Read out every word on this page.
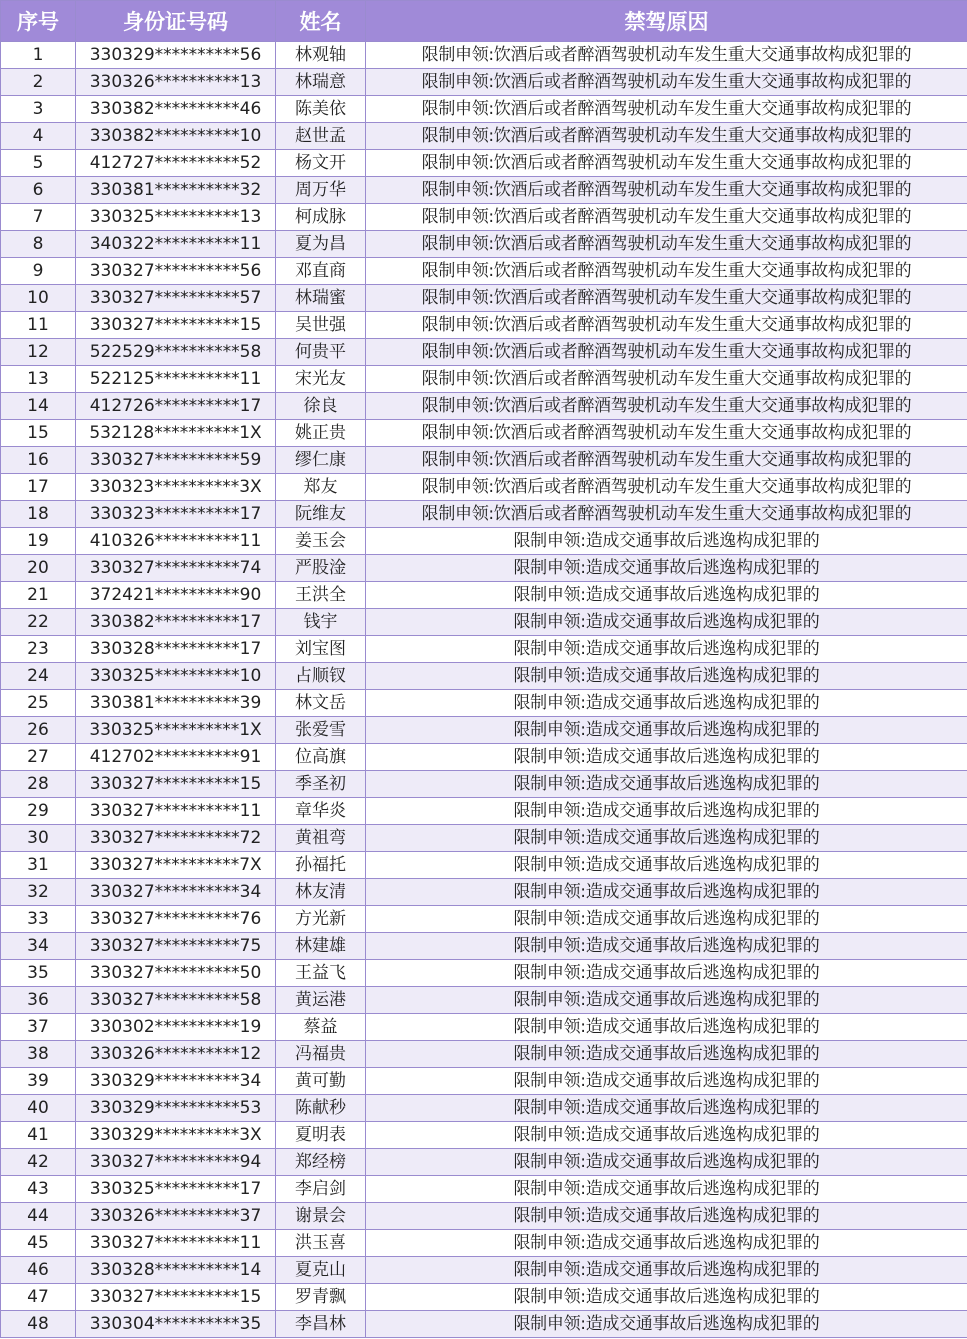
序号	身份证号码	姓名	禁驾原因
1	330329**********56	林观轴	限制申领:饮酒后或者醉酒驾驶机动车发生重大交通事故构成犯罪的
2	330326**********13	林瑞意	限制申领:饮酒后或者醉酒驾驶机动车发生重大交通事故构成犯罪的
3	330382**********46	陈美依	限制申领:饮酒后或者醉酒驾驶机动车发生重大交通事故构成犯罪的
4	330382**********10	赵世孟	限制申领:饮酒后或者醉酒驾驶机动车发生重大交通事故构成犯罪的
5	412727**********52	杨文开	限制申领:饮酒后或者醉酒驾驶机动车发生重大交通事故构成犯罪的
6	330381**********32	周万华	限制申领:饮酒后或者醉酒驾驶机动车发生重大交通事故构成犯罪的
7	330325**********13	柯成脉	限制申领:饮酒后或者醉酒驾驶机动车发生重大交通事故构成犯罪的
8	340322**********11	夏为昌	限制申领:饮酒后或者醉酒驾驶机动车发生重大交通事故构成犯罪的
9	330327**********56	邓直商	限制申领:饮酒后或者醉酒驾驶机动车发生重大交通事故构成犯罪的
10	330327**********57	林瑞蜜	限制申领:饮酒后或者醉酒驾驶机动车发生重大交通事故构成犯罪的
11	330327**********15	吴世强	限制申领:饮酒后或者醉酒驾驶机动车发生重大交通事故构成犯罪的
12	522529**********58	何贵平	限制申领:饮酒后或者醉酒驾驶机动车发生重大交通事故构成犯罪的
13	522125**********11	宋光友	限制申领:饮酒后或者醉酒驾驶机动车发生重大交通事故构成犯罪的
14	412726**********17	徐良	限制申领:饮酒后或者醉酒驾驶机动车发生重大交通事故构成犯罪的
15	532128**********1X	姚正贵	限制申领:饮酒后或者醉酒驾驶机动车发生重大交通事故构成犯罪的
16	330327**********59	缪仁康	限制申领:饮酒后或者醉酒驾驶机动车发生重大交通事故构成犯罪的
17	330323**********3X	郑友	限制申领:饮酒后或者醉酒驾驶机动车发生重大交通事故构成犯罪的
18	330323**********17	阮维友	限制申领:饮酒后或者醉酒驾驶机动车发生重大交通事故构成犯罪的
19	410326**********11	姜玉会	限制申领:造成交通事故后逃逸构成犯罪的
20	330327**********74	严股淦	限制申领:造成交通事故后逃逸构成犯罪的
21	372421**********90	王洪全	限制申领:造成交通事故后逃逸构成犯罪的
22	330382**********17	钱宇	限制申领:造成交通事故后逃逸构成犯罪的
23	330328**********17	刘宝图	限制申领:造成交通事故后逃逸构成犯罪的
24	330325**********10	占顺钗	限制申领:造成交通事故后逃逸构成犯罪的
25	330381**********39	林文岳	限制申领:造成交通事故后逃逸构成犯罪的
26	330325**********1X	张爱雪	限制申领:造成交通事故后逃逸构成犯罪的
27	412702**********91	位高旗	限制申领:造成交通事故后逃逸构成犯罪的
28	330327**********15	季圣初	限制申领:造成交通事故后逃逸构成犯罪的
29	330327**********11	章华炎	限制申领:造成交通事故后逃逸构成犯罪的
30	330327**********72	黄祖弯	限制申领:造成交通事故后逃逸构成犯罪的
31	330327**********7X	孙福托	限制申领:造成交通事故后逃逸构成犯罪的
32	330327**********34	林友清	限制申领:造成交通事故后逃逸构成犯罪的
33	330327**********76	方光新	限制申领:造成交通事故后逃逸构成犯罪的
34	330327**********75	林建雄	限制申领:造成交通事故后逃逸构成犯罪的
35	330327**********50	王益飞	限制申领:造成交通事故后逃逸构成犯罪的
36	330327**********58	黄运港	限制申领:造成交通事故后逃逸构成犯罪的
37	330302**********19	蔡益	限制申领:造成交通事故后逃逸构成犯罪的
38	330326**********12	冯福贵	限制申领:造成交通事故后逃逸构成犯罪的
39	330329**********34	黄可勤	限制申领:造成交通事故后逃逸构成犯罪的
40	330329**********53	陈献秒	限制申领:造成交通事故后逃逸构成犯罪的
41	330329**********3X	夏明表	限制申领:造成交通事故后逃逸构成犯罪的
42	330327**********94	郑经榜	限制申领:造成交通事故后逃逸构成犯罪的
43	330325**********17	李启剑	限制申领:造成交通事故后逃逸构成犯罪的
44	330326**********37	谢景会	限制申领:造成交通事故后逃逸构成犯罪的
45	330327**********11	洪玉喜	限制申领:造成交通事故后逃逸构成犯罪的
46	330328**********14	夏克山	限制申领:造成交通事故后逃逸构成犯罪的
47	330327**********15	罗青飘	限制申领:造成交通事故后逃逸构成犯罪的
48	330304**********35	李昌林	限制申领:造成交通事故后逃逸构成犯罪的
